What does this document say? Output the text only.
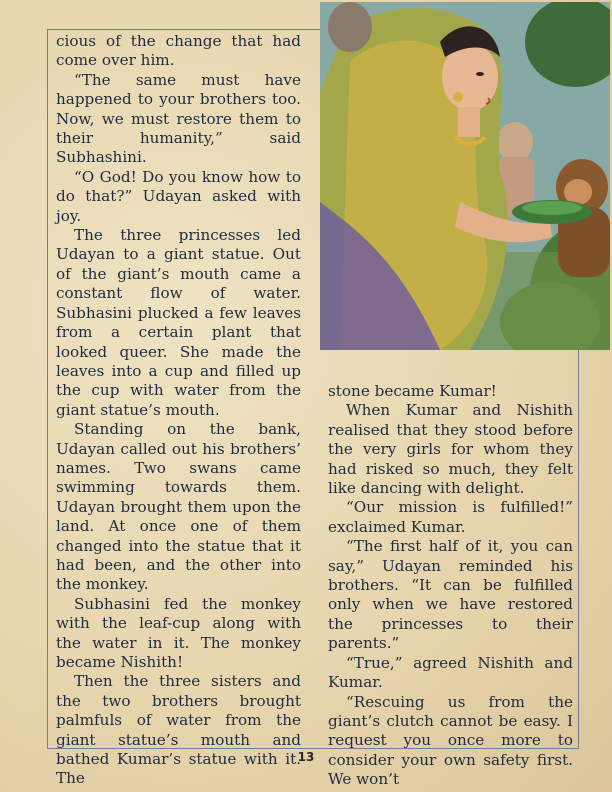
cious of the change that had come over him.

“The same must have happened to your brothers too. Now, we must restore them to their humanity,” said Subhashini.

“O God! Do you know how to do that?” Udayan asked with joy.

The three princesses led Udayan to a giant statue. Out of the giant’s mouth came a constant flow of water. Subhasini plucked a few leaves from a certain plant that looked queer. She made the leaves into a cup and filled up the cup with water from the giant statue’s mouth.

Standing on the bank, Udayan called out his brothers’ names. Two swans came swimming towards them. Udayan brought them upon the land. At once one of them changed into the statue that it had been, and the other into the monkey.

Subhasini fed the monkey with the leaf-cup along with the water in it. The monkey became Nishith!

Then the three sisters and the two brothers brought palmfuls of water from the giant statue’s mouth and bathed Kumar’s statue with it. The

stone became Kumar!

When Kumar and Nishith realised that they stood before the very girls for whom they had risked so much, they felt like dancing with delight.

“Our mission is fulfilled!” exclaimed Kumar.

“The first half of it, you can say,” Udayan reminded his brothers. “It can be fulfilled only when we have restored the princesses to their parents.”

“True,” agreed Nishith and Kumar.

“Rescuing us from the giant’s clutch cannot be easy. I request you once more to consider your own safety first. We won’t

13
